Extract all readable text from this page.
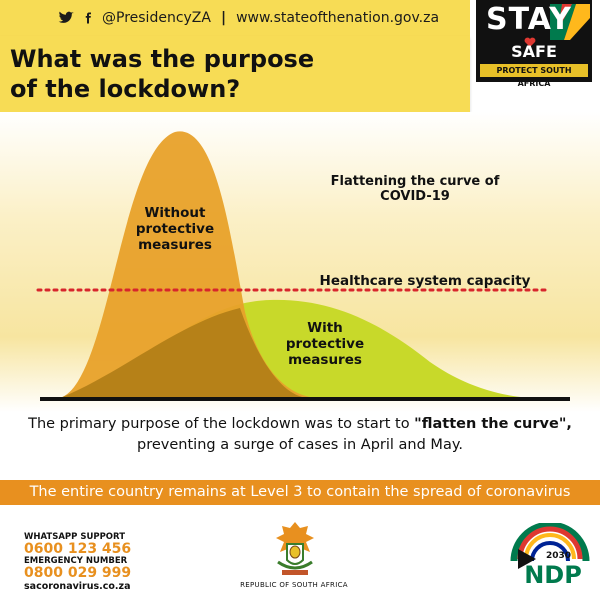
@PresidencyZA | www.stateofthenation.gov.za
What was the purpose
of the lockdown?
STAY
SAFE
PROTECT SOUTH AFRICA
Flattening the curve of
COVID-19
Without
protective
measures
Healthcare system capacity
With
protective
measures
The primary purpose of the lockdown was to start to "flatten the curve", preventing a surge of cases in April and May.
The entire country remains at Level 3 to contain the spread of coronavirus
WHATSAPP SUPPORT
0600 123 456
EMERGENCY NUMBER
0800 029 999
sacoronavirus.co.za	REPUBLIC OF SOUTH AFRICA
2030
NDP
